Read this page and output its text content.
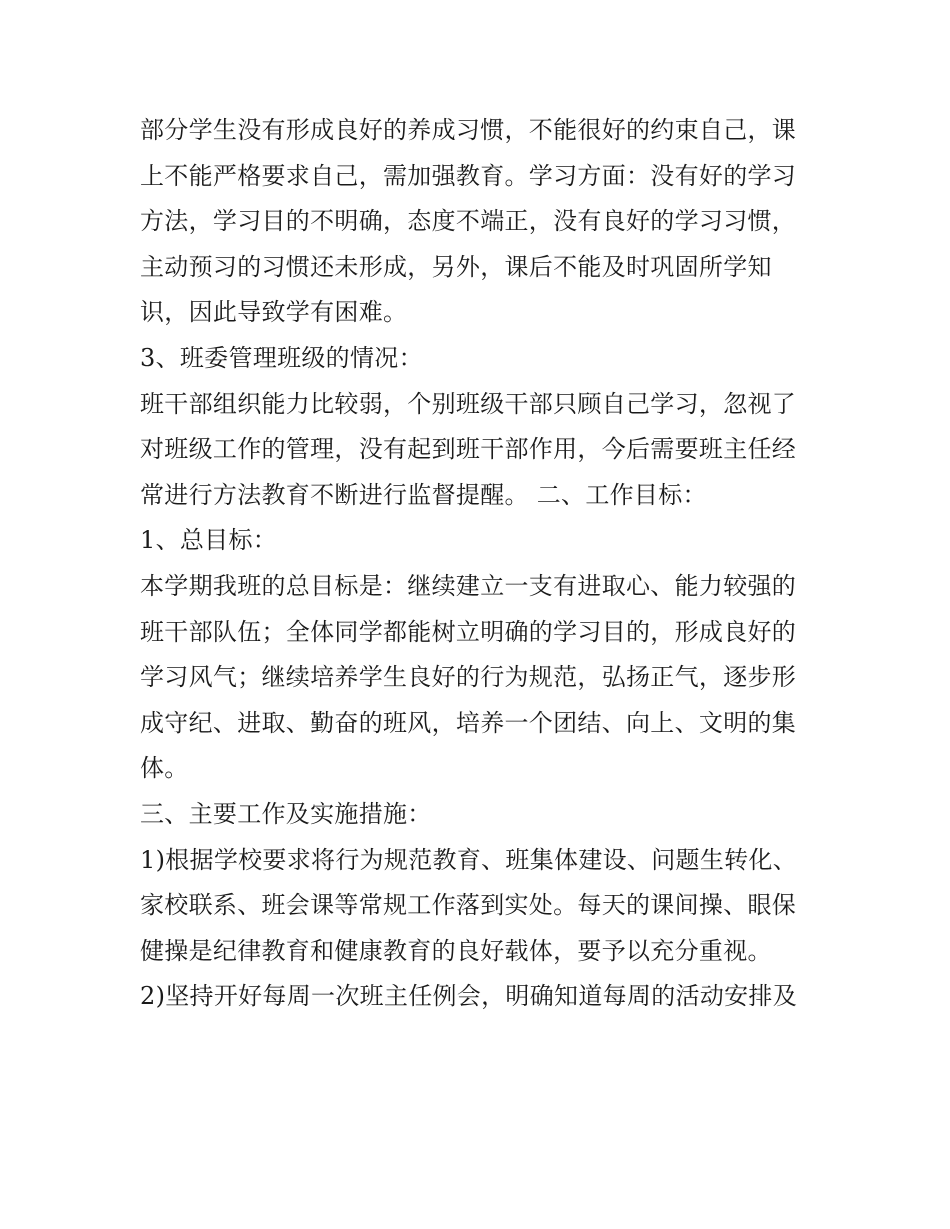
部分学生没有形成良好的养成习惯，不能很好的约束自己，课
上不能严格要求自己，需加强教育。学习方面：没有好的学习
方法，学习目的不明确，态度不端正，没有良好的学习习惯，
主动预习的习惯还未形成，另外，课后不能及时巩固所学知
识，因此导致学有困难。
3、班委管理班级的情况：
班干部组织能力比较弱，个别班级干部只顾自己学习，忽视了
对班级工作的管理，没有起到班干部作用，今后需要班主任经
常进行方法教育不断进行监督提醒。 二、工作目标：
1、总目标：
本学期我班的总目标是：继续建立一支有进取心、能力较强的
班干部队伍；全体同学都能树立明确的学习目的，形成良好的
学习风气；继续培养学生良好的行为规范，弘扬正气，逐步形
成守纪、进取、勤奋的班风，培养一个团结、向上、文明的集
体。
三、主要工作及实施措施：
1)根据学校要求将行为规范教育、班集体建设、问题生转化、
家校联系、班会课等常规工作落到实处。每天的课间操、眼保
健操是纪律教育和健康教育的良好载体，要予以充分重视。
2)坚持开好每周一次班主任例会，明确知道每周的活动安排及
